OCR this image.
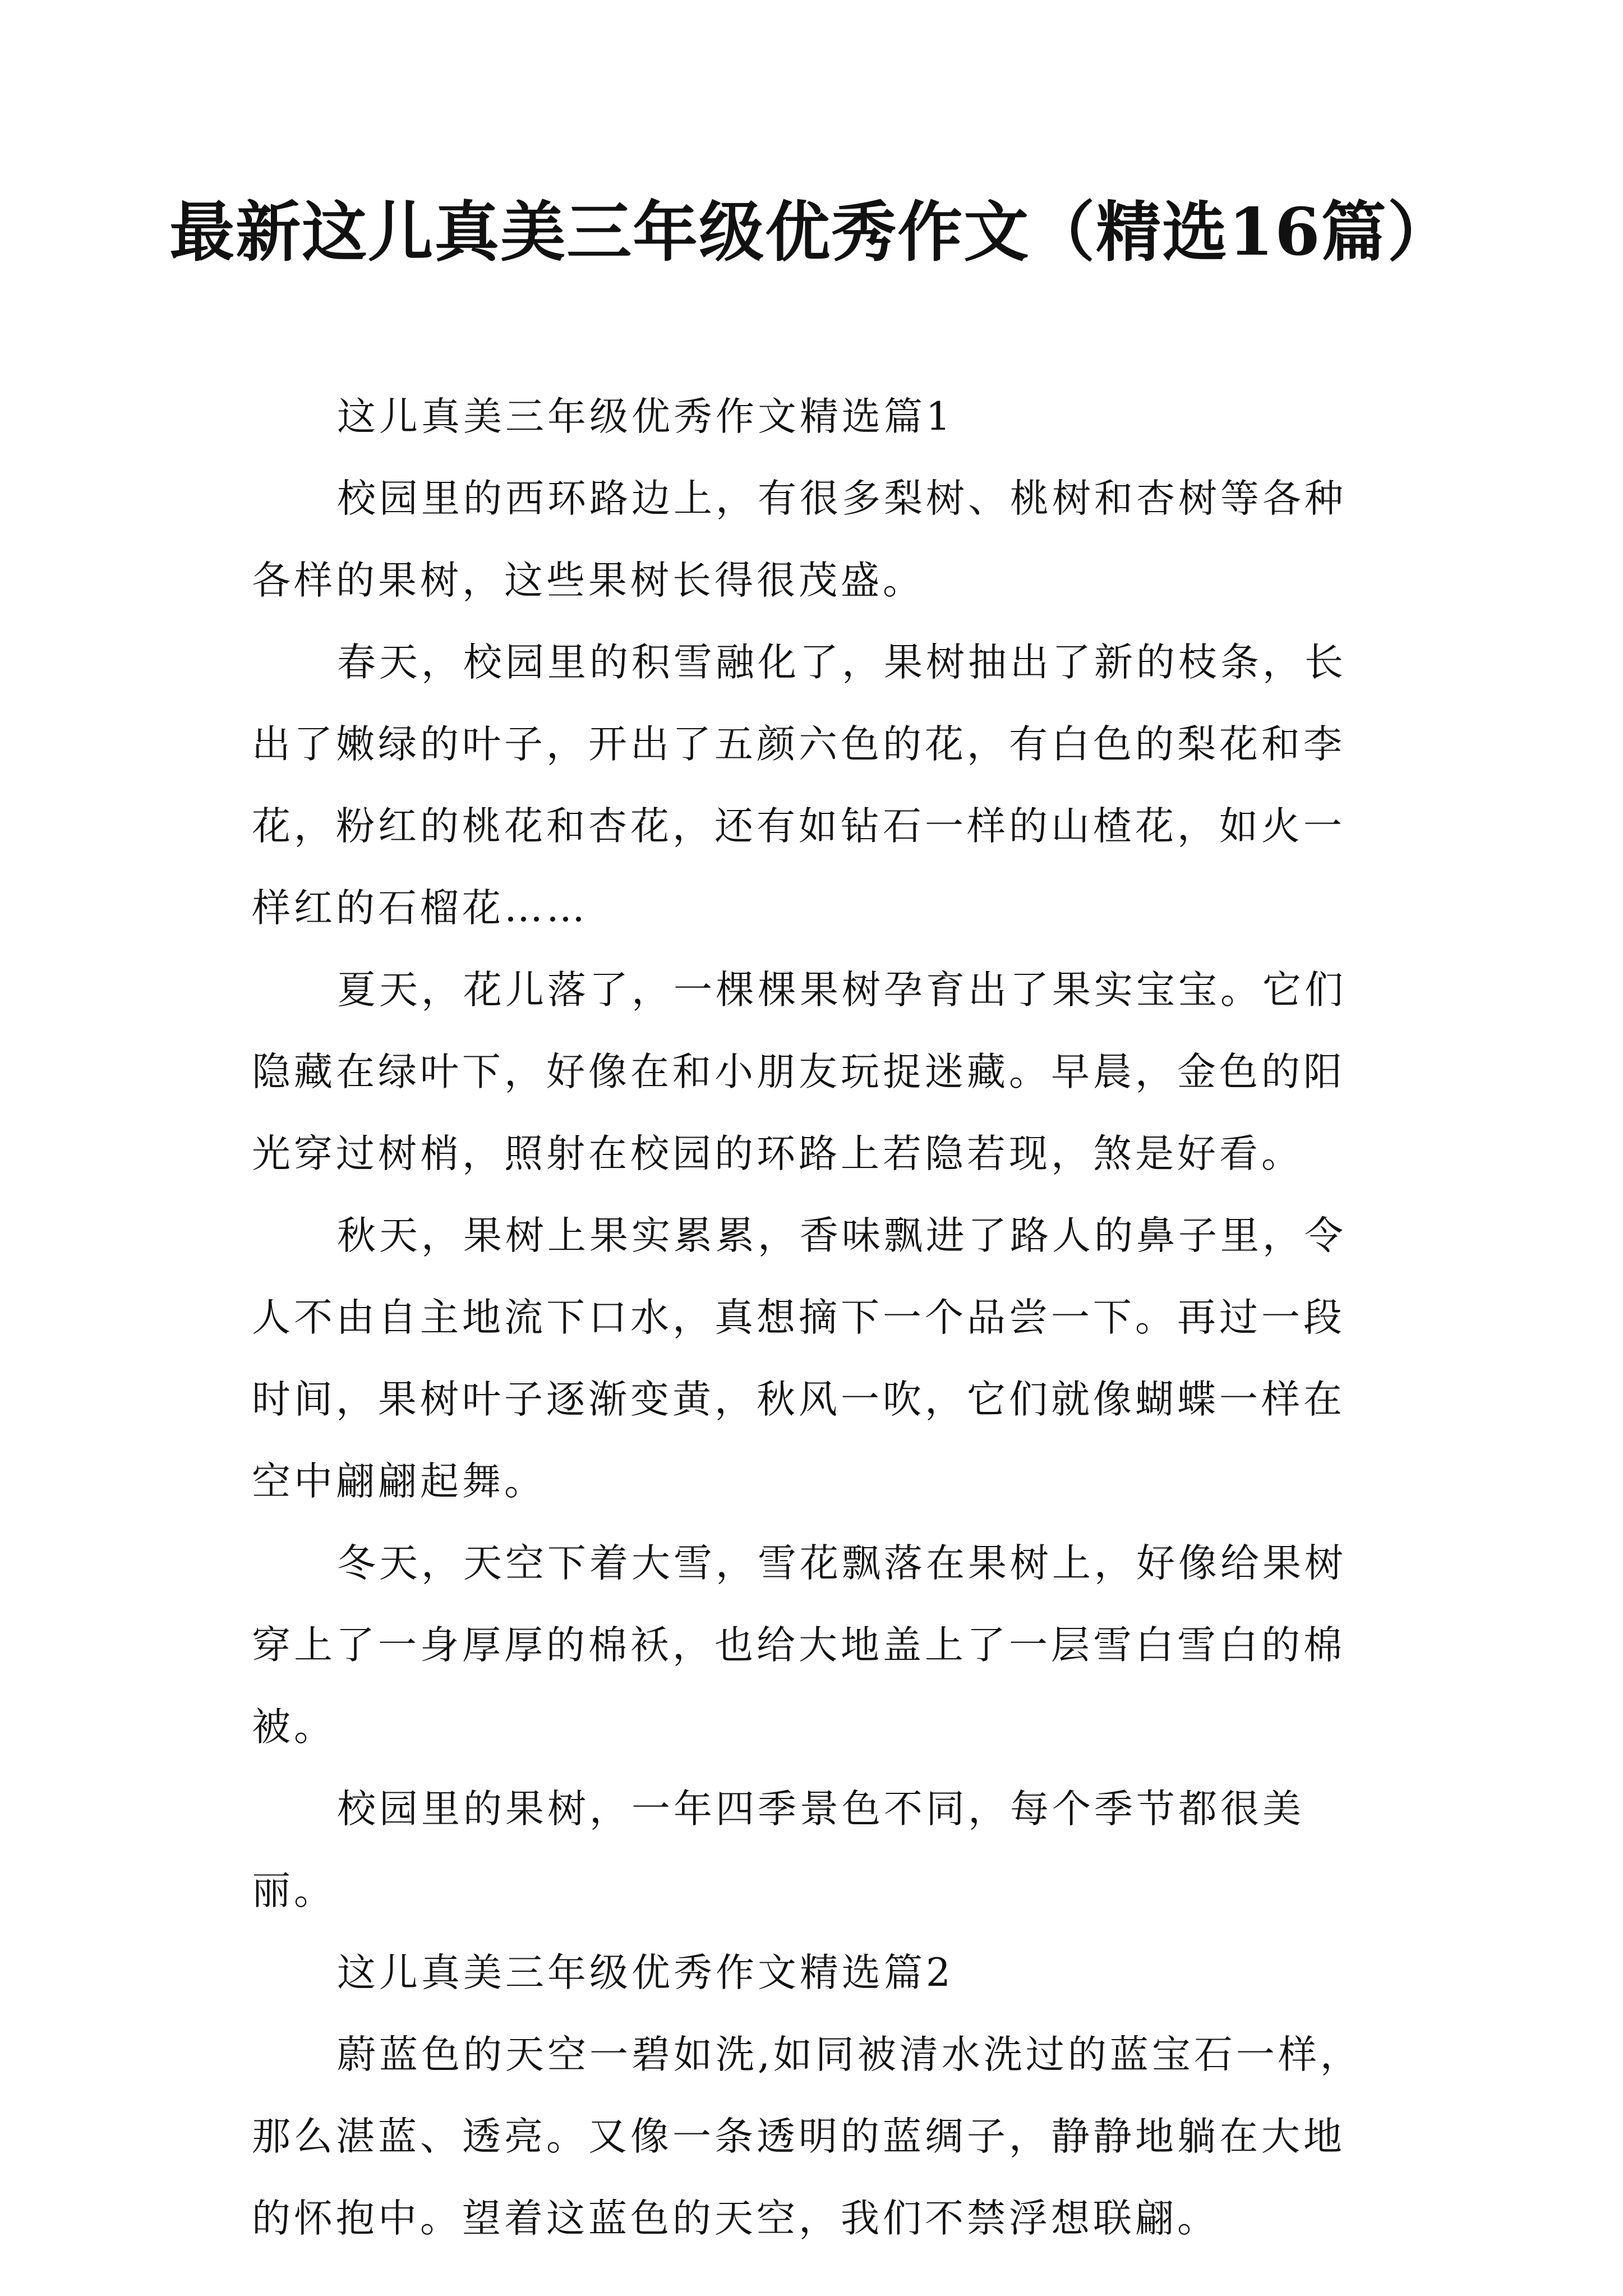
最新这儿真美三年级优秀作文（精选16篇）

这儿真美三年级优秀作文精选篇1

校园里的西环路边上，有很多梨树、桃树和杏树等各种各样的果树，这些果树长得很茂盛。

春天，校园里的积雪融化了，果树抽出了新的枝条，长出了嫩绿的叶子，开出了五颜六色的花，有白色的梨花和李花，粉红的桃花和杏花，还有如钻石一样的山楂花，如火一样红的石榴花……

夏天，花儿落了，一棵棵果树孕育出了果实宝宝。它们隐藏在绿叶下，好像在和小朋友玩捉迷藏。早晨，金色的阳光穿过树梢，照射在校园的环路上若隐若现，煞是好看。

秋天，果树上果实累累，香味飘进了路人的鼻子里，令人不由自主地流下口水，真想摘下一个品尝一下。再过一段时间，果树叶子逐渐变黄，秋风一吹，它们就像蝴蝶一样在空中翩翩起舞。

冬天，天空下着大雪，雪花飘落在果树上，好像给果树穿上了一身厚厚的棉袄，也给大地盖上了一层雪白雪白的棉被。

校园里的果树，一年四季景色不同，每个季节都很美丽。

这儿真美三年级优秀作文精选篇2

蔚蓝色的天空一碧如洗,如同被清水洗过的蓝宝石一样，那么湛蓝、透亮。又像一条透明的蓝绸子，静静地躺在大地的怀抱中。望着这蓝色的天空，我们不禁浮想联翩。
